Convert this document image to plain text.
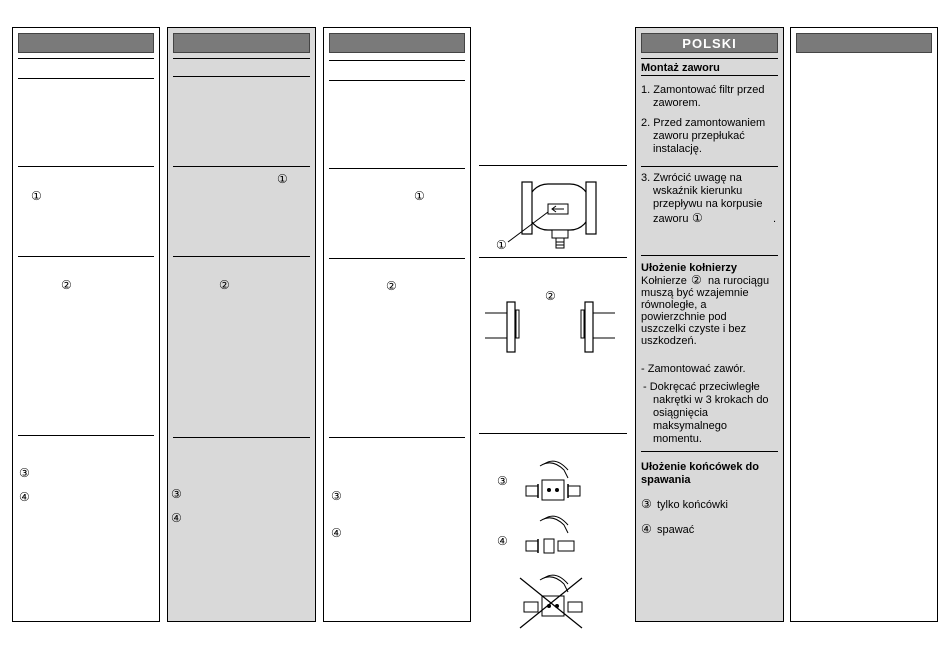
①
②
③
④
①
②
③
④
①
②
③
④
①
②
③
④
POLSKI
Montaż zaworu
1. Zamontować filtr przed
zaworem.
2. Przed zamontowaniem
zaworu przepłukać
instalację.
3. Zwrócić uwagę na
wskaźnik kierunku
przepływu na korpusie
zaworu ①	.
Ułożenie kołnierzy
Kołnierze ② na rurociągu
muszą być wzajemnie
równoległe, a
powierzchnie pod
uszczelki czyste i bez
uszkodzeń.
- Zamontować zawór.
- Dokręcać przeciwległe
nakrętki w 3 krokach do
osiągnięcia
maksymalnego
momentu.
Ułożenie końcówek do
spawania
③ tylko końcówki
④ spawać
